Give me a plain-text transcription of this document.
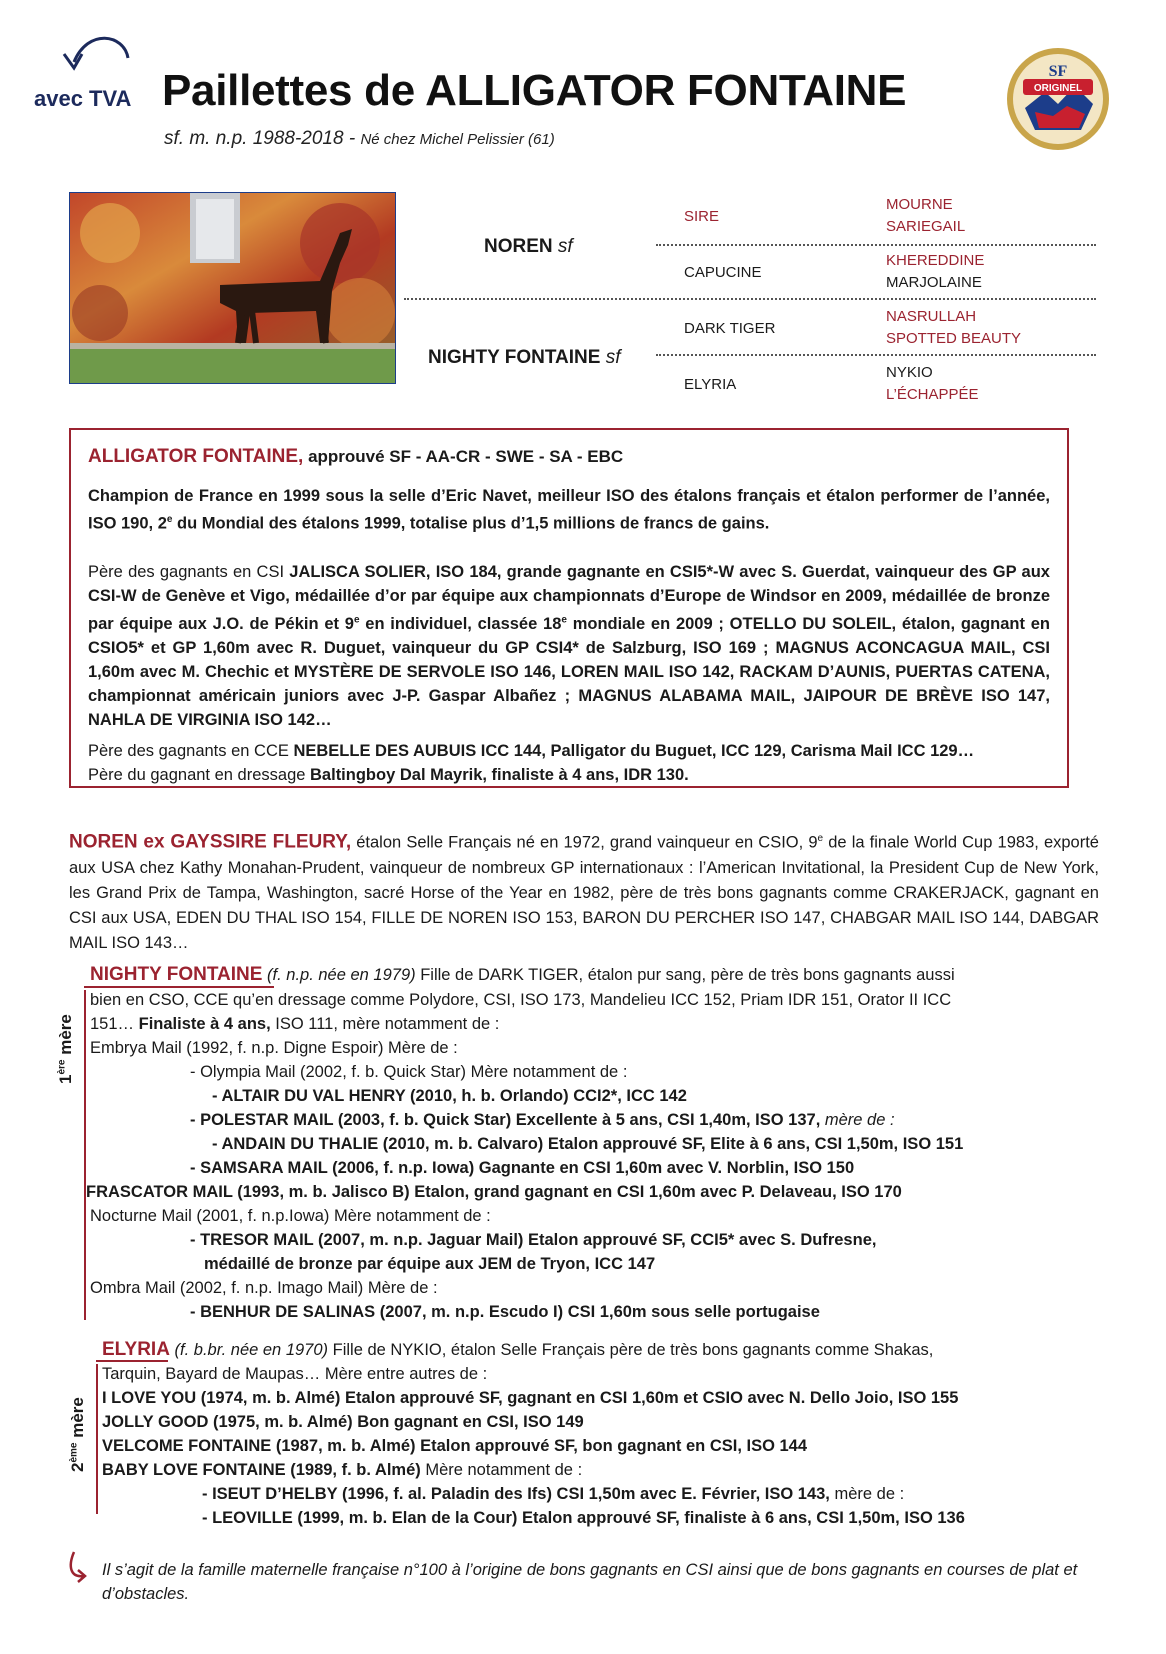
avec TVA Paillettes de ALLIGATOR FONTAINE
sf. m. n.p. 1988-2018 - Né chez Michel Pelissier (61)
SF
ORIGINEL
NOREN sf
NIGHTY FONTAINE sf
SIRE
CAPUCINE
DARK TIGER
ELYRIA
MOURNE
SARIEGAIL
KHEREDDINE
MARJOLAINE
NASRULLAH
SPOTTED BEAUTY
NYKIO
L’ÉCHAPPÉE
ALLIGATOR FONTAINE, approuvé SF - AA-CR - SWE - SA - EBC
Champion de France en 1999 sous la selle d’Eric Navet, meilleur ISO des étalons français et étalon performer de l’année, ISO 190, 2e du Mondial des étalons 1999, totalise plus d’1,5 millions de francs de gains.
Père des gagnants en CSI JALISCA SOLIER, ISO 184, grande gagnante en CSI5*-W avec S. Guerdat, vainqueur des GP aux CSI-W de Genève et Vigo, médaillée d’or par équipe aux championnats d’Europe de Windsor en 2009, médaillée de bronze par équipe aux J.O. de Pékin et 9e en individuel, classée 18e mondiale en 2009 ; OTELLO DU SOLEIL, étalon, gagnant en CSIO5* et GP 1,60m avec R. Duguet, vainqueur du GP CSI4* de Salzburg, ISO 169 ; MAGNUS ACONCAGUA MAIL, CSI 1,60m avec M. Chechic et MYSTÈRE DE SERVOLE ISO 146, LOREN MAIL ISO 142, RACKAM D’AUNIS, PUERTAS CATENA, championnat américain juniors avec J-P. Gaspar Albañez ; MAGNUS ALABAMA MAIL, JAIPOUR DE BRÈVE ISO 147, NAHLA DE VIRGINIA ISO 142…
Père des gagnants en CCE NEBELLE DES AUBUIS ICC 144, Palligator du Buguet, ICC 129, Carisma Mail ICC 129…
Père du gagnant en dressage Baltingboy Dal Mayrik, finaliste à 4 ans, IDR 130.
NOREN ex GAYSSIRE FLEURY, étalon Selle Français né en 1972, grand vainqueur en CSIO, 9e de la finale World Cup 1983, exporté aux USA chez Kathy Monahan-Prudent, vainqueur de nombreux GP internationaux : l’American Invitational, la President Cup de New York, les Grand Prix de Tampa, Washington, sacré Horse of the Year en 1982, père de très bons gagnants comme CRAKERJACK, gagnant en CSI aux USA, EDEN DU THAL ISO 154, FILLE DE NOREN ISO 153, BARON DU PERCHER ISO 147, CHABGAR MAIL ISO 144, DABGAR MAIL ISO 143…
1ère mère
NIGHTY FONTAINE (f. n.p. née en 1979) Fille de DARK TIGER, étalon pur sang, père de très bons gagnants aussi
bien en CSO, CCE qu’en dressage comme Polydore, CSI, ISO 173, Mandelieu ICC 152, Priam IDR 151, Orator II ICC
151… Finaliste à 4 ans, ISO 111, mère notamment de :
Embrya Mail (1992, f. n.p. Digne Espoir) Mère de :
- Olympia Mail (2002, f. b. Quick Star) Mère notamment de :
- ALTAIR DU VAL HENRY (2010, h. b. Orlando) CCI2*, ICC 142
- POLESTAR MAIL (2003, f. b. Quick Star) Excellente à 5 ans, CSI 1,40m, ISO 137, mère de :
- ANDAIN DU THALIE (2010, m. b. Calvaro) Etalon approuvé SF, Elite à 6 ans, CSI 1,50m, ISO 151
- SAMSARA MAIL (2006, f. n.p. Iowa) Gagnante en CSI 1,60m avec V. Norblin, ISO 150
FRASCATOR MAIL (1993, m. b. Jalisco B) Etalon, grand gagnant en CSI 1,60m avec P. Delaveau, ISO 170
Nocturne Mail (2001, f. n.p.Iowa) Mère notamment de :
- TRESOR MAIL (2007, m. n.p. Jaguar Mail) Etalon approuvé SF, CCI5* avec S. Dufresne,
médaillé de bronze par équipe aux JEM de Tryon, ICC 147
Ombra Mail (2002, f. n.p. Imago Mail) Mère de :
- BENHUR DE SALINAS (2007, m. n.p. Escudo I) CSI 1,60m sous selle portugaise
2ème mère
ELYRIA (f. b.br. née en 1970) Fille de NYKIO, étalon Selle Français père de très bons gagnants comme Shakas,
Tarquin, Bayard de Maupas… Mère entre autres de :
I LOVE YOU (1974, m. b. Almé) Etalon approuvé SF, gagnant en CSI 1,60m et CSIO avec N. Dello Joio, ISO 155
JOLLY GOOD (1975, m. b. Almé) Bon gagnant en CSI, ISO 149
VELCOME FONTAINE (1987, m. b. Almé) Etalon approuvé SF, bon gagnant en CSI, ISO 144
BABY LOVE FONTAINE (1989, f. b. Almé) Mère notamment de :
- ISEUT D’HELBY (1996, f. al. Paladin des Ifs) CSI 1,50m avec E. Février, ISO 143, mère de :
- LEOVILLE (1999, m. b. Elan de la Cour) Etalon approuvé SF, finaliste à 6 ans, CSI 1,50m, ISO 136
Il s’agit de la famille maternelle française n°100 à l’origine de bons gagnants en CSI ainsi que de bons gagnants en courses de plat et d’obstacles.
